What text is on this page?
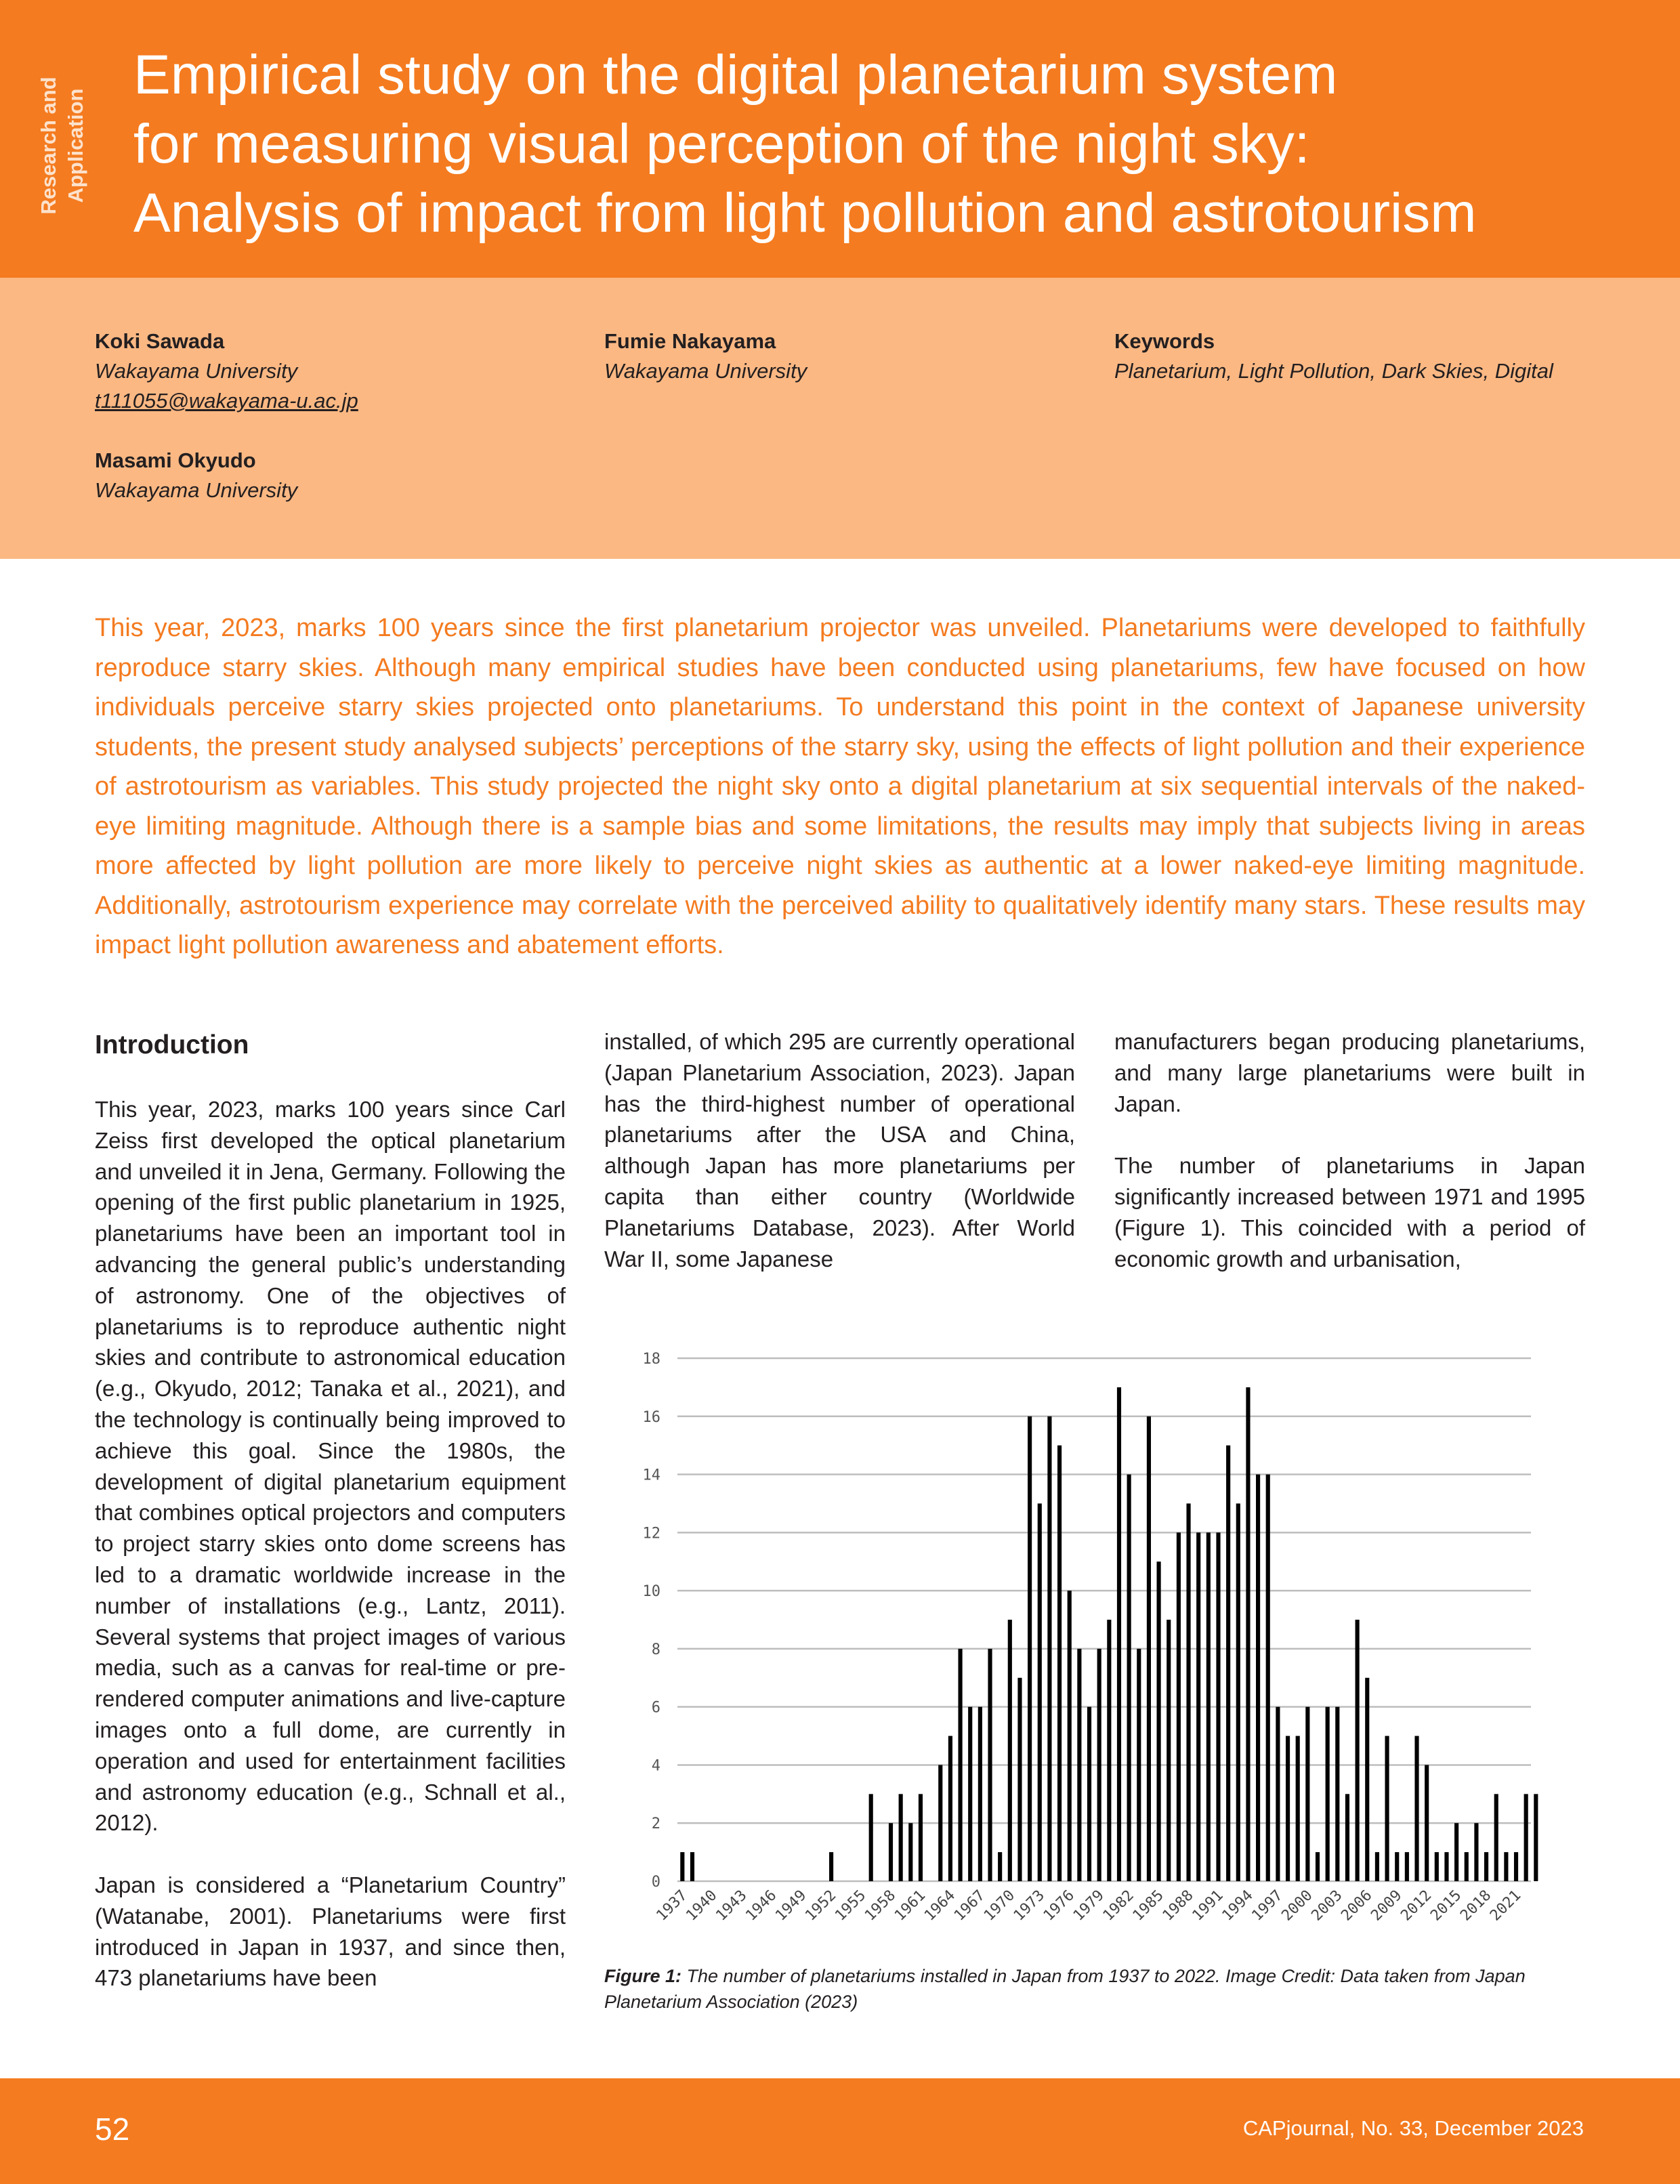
Research and Application
Empirical study on the digital planetarium system
for measuring visual perception of the night sky:
Analysis of impact from light pollution and astrotourism
Koki Sawada
Wakayama University
t111055@wakayama-u.ac.jp
Masami Okyudo
Wakayama University
Fumie Nakayama
Wakayama University
Keywords
Planetarium, Light Pollution, Dark Skies, Digital

This year, 2023, marks 100 years since the first planetarium projector was unveiled. Planetariums were developed to faithfully reproduce starry skies. Although many empirical studies have been conducted using planetariums, few have focused on how individuals perceive starry skies projected onto planetariums. To understand this point in the context of Japanese university students, the present study analysed subjects’ perceptions of the starry sky, using the effects of light pollution and their experience of astrotourism as variables. This study projected the night sky onto a digital planetarium at six sequential intervals of the naked-eye limiting magnitude. Although there is a sample bias and some limitations, the results may imply that subjects living in areas more affected by light pollution are more likely to perceive night skies as authentic at a lower naked-eye limiting magnitude. Additionally, astrotourism experience may correlate with the perceived ability to qualitatively identify many stars. These results may impact light pollution awareness and abatement efforts.

Introduction

This year, 2023, marks 100 years since Carl Zeiss first developed the optical planetarium and unveiled it in Jena, Germany. Following the opening of the first public planetarium in 1925, planetariums have been an important tool in advancing the general public’s understanding of astronomy. One of the objectives of planetariums is to reproduce authentic night skies and contribute to astronomical education (e.g., Okyudo, 2012; Tanaka et al., 2021), and the technology is continually being improved to achieve this goal. Since the 1980s, the development of digital planetarium equipment that combines optical projectors and computers to project starry skies onto dome screens has led to a dramatic worldwide increase in the number of installations (e.g., Lantz, 2011). Several systems that project images of various media, such as a canvas for real-time or pre-rendered computer animations and live-capture images onto a full dome, are currently in operation and used for entertainment facilities and astronomy education (e.g., Schnall et al., 2012).

Japan is considered a “Planetarium Country” (Watanabe, 2001). Planetariums were first introduced in Japan in 1937, and since then, 473 planetariums have been

installed, of which 295 are currently operational (Japan Planetarium Association, 2023). Japan has the third-highest number of operational planetariums after the USA and China, although Japan has more planetariums per capita than either country (Worldwide Planetariums Database, 2023). After World War II, some Japanese

manufacturers began producing planetariums, and many large planetariums were built in Japan.

The number of planetariums in Japan significantly increased between 1971 and 1995 (Figure 1). This coincided with a period of economic growth and urbanisation,

0
2
4
6
8
10
12
14
16
18
1937
1940
1943
1946
1949
1952
1955
1958
1961
1964
1967
1970
1973
1976
1979
1982
1985
1988
1991
1994
1997
2000
2003
2006
2009
2012
2015
2018
2021
Figure 1: The number of planetariums installed in Japan from 1937 to 2022. Image Credit: Data taken from Japan Planetarium Association (2023)
52	CAPjournal, No. 33, December 2023
